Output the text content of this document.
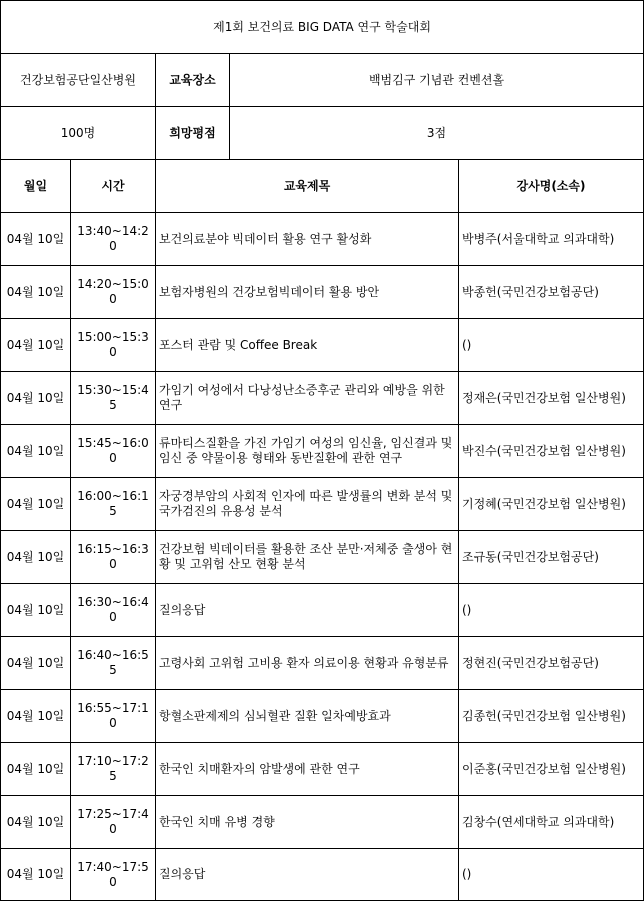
제1회 보건의료 BIG DATA 연구 학술대회				
건강보험공단일산병원		교육장소	백범김구 기념관 컨벤션홀	
100명		희망평점	3점	
월일	시간	교육제목		강사명(소속)
04월 10일	13:40~14:20	보건의료분야 빅데이터 활용 연구 활성화		박병주(서울대학교 의과대학)
04월 10일	14:20~15:00	보험자병원의 건강보험빅데이터 활용 방안		박종헌(국민건강보험공단)
04월 10일	15:00~15:30	포스터 관람 및 Coffee Break		()
04월 10일	15:30~15:45	가임기 여성에서 다낭성난소증후군 관리와 예방을 위한 연구		정재은(국민건강보험 일산병원)
04월 10일	15:45~16:00	류마티스질환을 가진 가임기 여성의 임신율, 임신결과 및 임신 중 약물이용 형태와 동반질환에 관한 연구		박진수(국민건강보험 일산병원)
04월 10일	16:00~16:15	자궁경부암의 사회적 인자에 따른 발생률의 변화 분석 및 국가검진의 유용성 분석		기정혜(국민건강보험 일산병원)
04월 10일	16:15~16:30	건강보험 빅데이터를 활용한 조산 분만·저체중 출생아 현황 및 고위험 산모 현황 분석		조규동(국민건강보험공단)
04월 10일	16:30~16:40	질의응답		()
04월 10일	16:40~16:55	고령사회 고위험 고비용 환자 의료이용 현황과 유형분류		정현진(국민건강보험공단)
04월 10일	16:55~17:10	항혈소판제제의 심뇌혈관 질환 일차예방효과		김종헌(국민건강보험 일산병원)
04월 10일	17:10~17:25	한국인 치매환자의 암발생에 관한 연구		이준홍(국민건강보험 일산병원)
04월 10일	17:25~17:40	한국인 치매 유병 경향		김창수(연세대학교 의과대학)
04월 10일	17:40~17:50	질의응답		()
